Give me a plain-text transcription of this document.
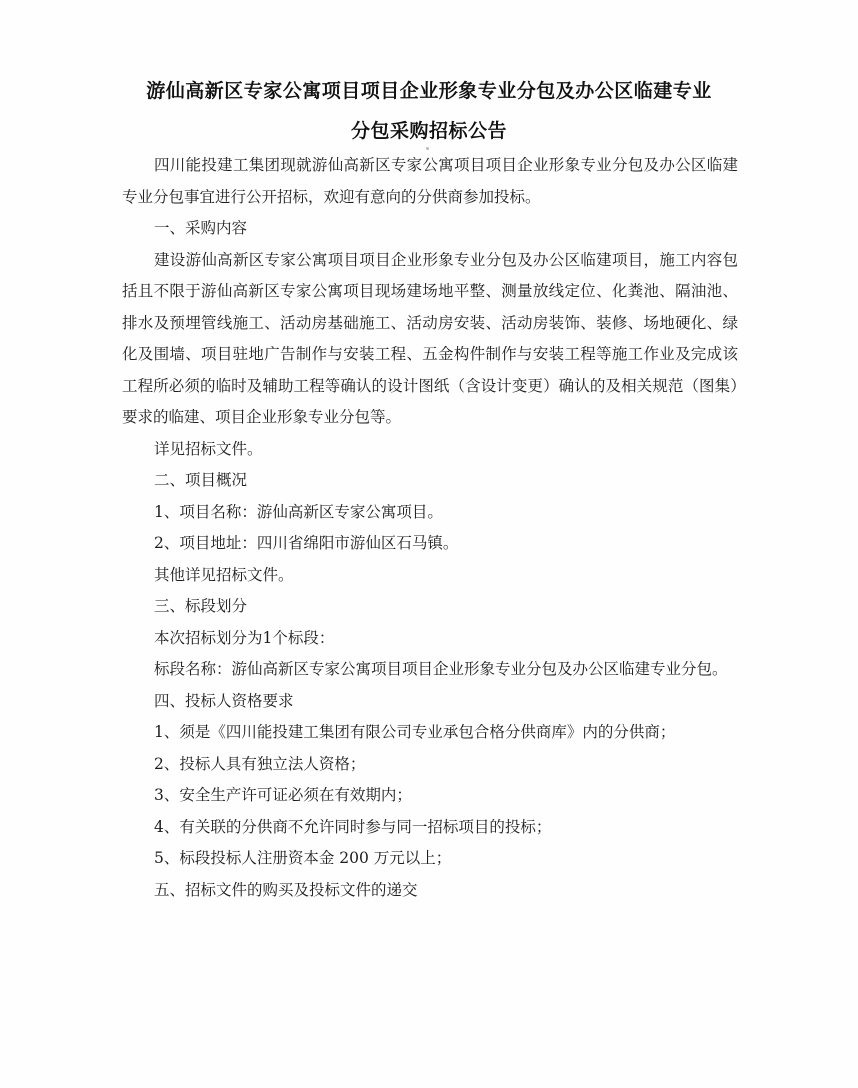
游仙高新区专家公寓项目项目企业形象专业分包及办公区临建专业
分包采购招标公告

四川能投建工集团现就游仙高新区专家公寓项目项目企业形象专业分包及办公区临建专业分包事宜进行公开招标，欢迎有意向的分供商参加投标。

一、采购内容

建设游仙高新区专家公寓项目项目企业形象专业分包及办公区临建项目，施工内容包括且不限于游仙高新区专家公寓项目现场建场地平整、测量放线定位、化粪池、隔油池、排水及预埋管线施工、活动房基础施工、活动房安装、活动房装饰、装修、场地硬化、绿化及围墙、项目驻地广告制作与安装工程、五金构件制作与安装工程等施工作业及完成该工程所必须的临时及辅助工程等确认的设计图纸（含设计变更）确认的及相关规范（图集）要求的临建、项目企业形象专业分包等。

详见招标文件。

二、项目概况

1、项目名称：游仙高新区专家公寓项目。

2、项目地址：四川省绵阳市游仙区石马镇。

其他详见招标文件。

三、标段划分

本次招标划分为1个标段：

标段名称：游仙高新区专家公寓项目项目企业形象专业分包及办公区临建专业分包。

四、投标人资格要求

1、须是《四川能投建工集团有限公司专业承包合格分供商库》内的分供商；

2、投标人具有独立法人资格；

3、安全生产许可证必须在有效期内；

4、有关联的分供商不允许同时参与同一招标项目的投标；

5、标段投标人注册资本金 200 万元以上；

五、招标文件的购买及投标文件的递交
